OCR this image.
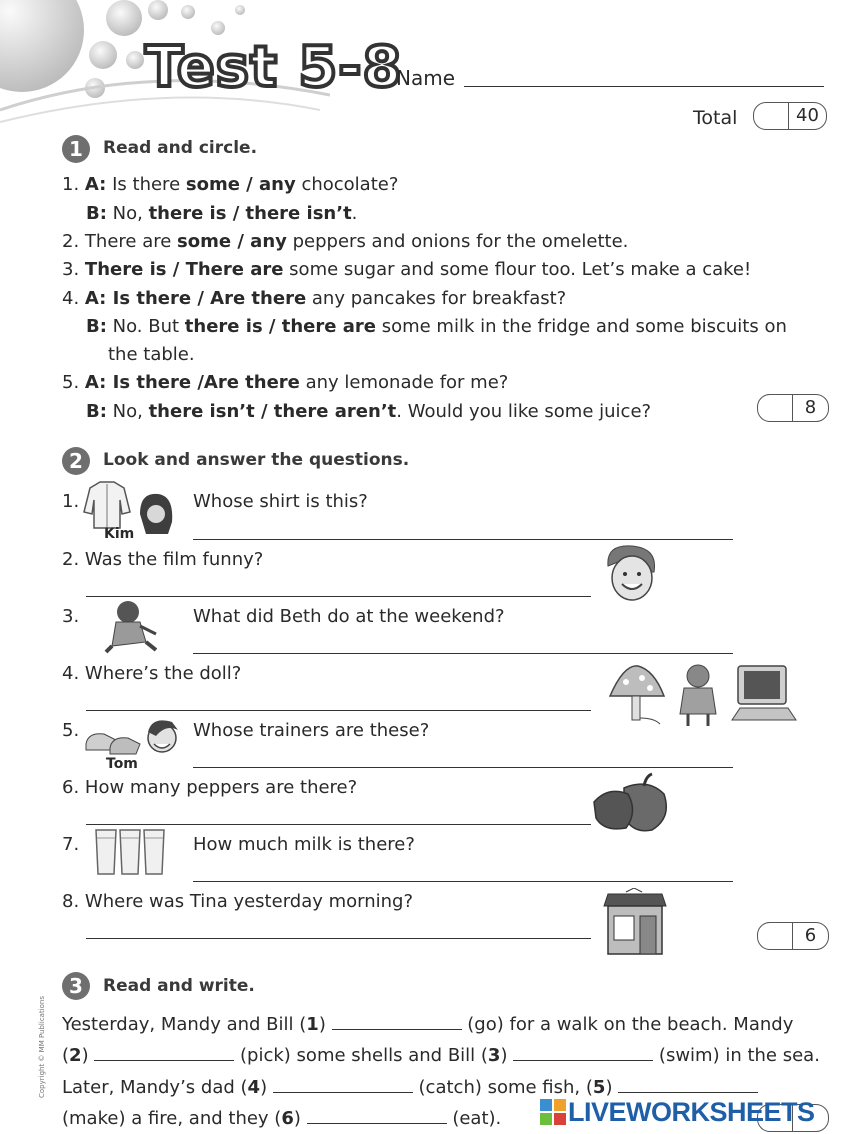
Test 5-8
Name
Total	40
1	Read and circle.
1. A: Is there some / any chocolate?
B: No, there is / there isn’t.
2. There are some / any peppers and onions for the omelette.
3. There is / There are some sugar and some flour too. Let’s make a cake!
4. A: Is there / Are there any pancakes for breakfast?
B: No. But there is / there are some milk in the fridge and some biscuits on
the table.
5. A: Is there /Are there any lemonade for me?
B: No, there isn’t / there aren’t. Would you like some juice?	8
2	Look and answer the questions.
1.
Kim
Whose shirt is this?
2. Was the film funny?
3.	What did Beth do at the weekend?
4. Where’s the doll?
5.
Tom
Whose trainers are these?
6. How many peppers are there?
7.	How much milk is there?
8. Where was Tina yesterday morning?
6
3	Read and write.
Yesterday, Mandy and Bill (1)	(go) for a walk on the beach. Mandy
(2)	(pick) some shells and Bill (3)	(swim) in the sea.
Later, Mandy’s dad (4)	(catch) some fish, (5)
(make) a fire, and they (6)	(eat).
Copyright © MM Publications
LIVEWORKSHEETS
